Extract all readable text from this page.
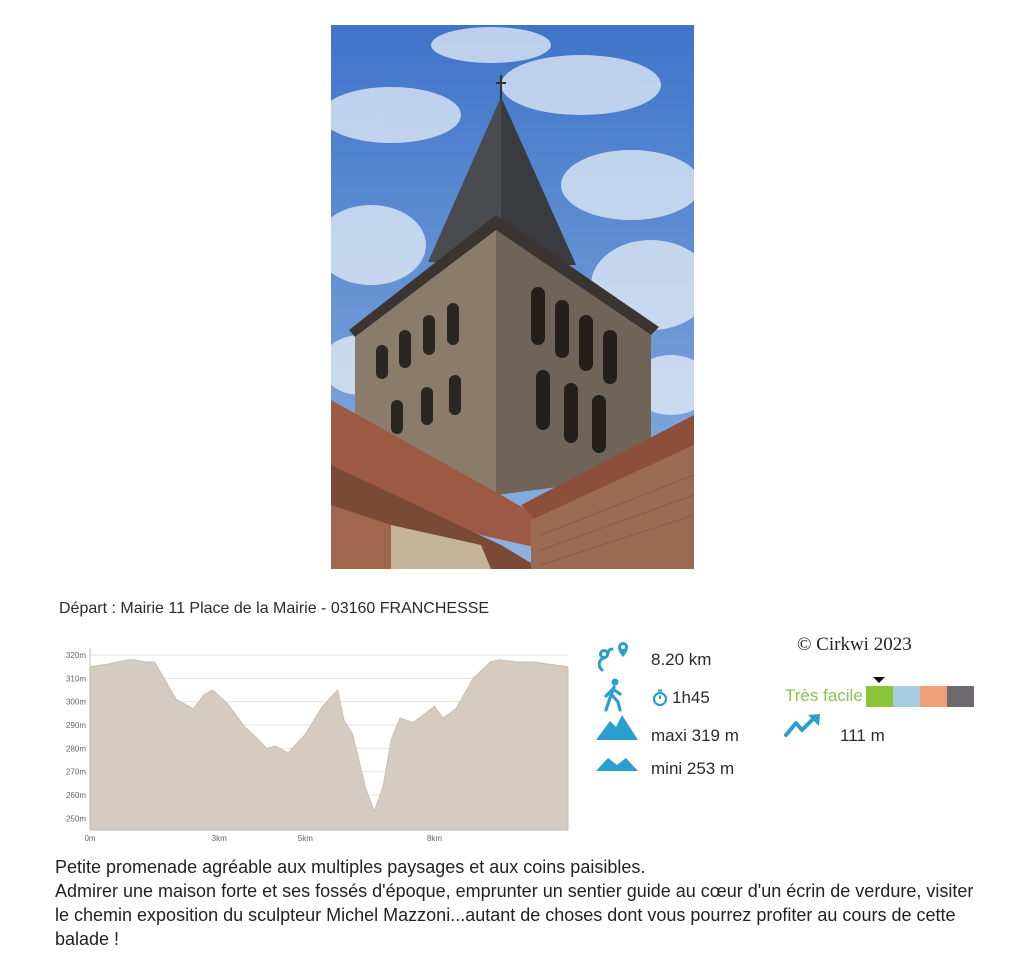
Départ : Mairie 11 Place de la Mairie - 03160 FRANCHESSE
320m
310m
300m
290m
280m
270m
260m
250m
0m	3km	5km	8km
8.20 km
1h45
maxi 319 m
mini 253 m
© Cirkwi 2023
Très facile
111 m

Petite promenade agréable aux multiples paysages et aux coins paisibles.

Admirer une maison forte et ses fossés d'époque, emprunter un sentier guide au cœur d'un écrin de verdure, visiter le chemin exposition du sculpteur Michel Mazzoni...autant de choses dont vous pourrez profiter au cours de cette balade !
